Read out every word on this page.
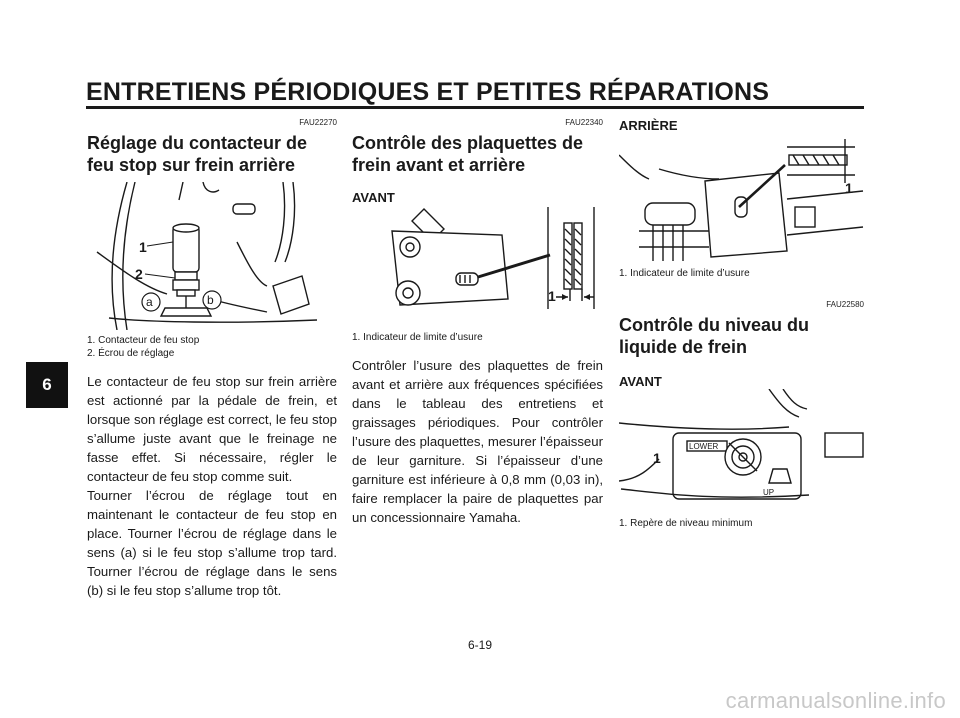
ENTRETIENS PÉRIODIQUES ET PETITES RÉPARATIONS
6
FAU22270
Réglage du contacteur de
feu stop sur frein arrière
1
2
a	b

1. Contacteur de feu stop

2. Écrou de réglage

Le contacteur de feu stop sur frein arrière est actionné par la pédale de frein, et lorsque son réglage est correct, le feu stop s’allume juste avant que le freinage ne fasse effet. Si nécessaire, régler le contacteur de feu stop comme suit.

Tourner l’écrou de réglage tout en maintenant le contacteur de feu stop en place. Tourner l’écrou de réglage dans le sens (a) si le feu stop s’allume trop tard. Tourner l’écrou de réglage dans le sens (b) si le feu stop s’allume trop tôt.

FAU22340
Contrôle des plaquettes de
frein avant et arrière

AVANT

1

1. Indicateur de limite d’usure

Contrôler l’usure des plaquettes de frein avant et arrière aux fréquences spécifiées dans le tableau des entretiens et graissages périodiques. Pour contrôler l’usure des plaquettes, mesurer l’épaisseur de leur garniture. Si l’épaisseur d’une garniture est inférieure à 0,8 mm (0,03 in), faire remplacer la paire de plaquettes par un concessionnaire Yamaha.

ARRIÈRE

1

1. Indicateur de limite d’usure

FAU22580
Contrôle du niveau du
liquide de frein

AVANT

LOWER
UP
1

1. Repère de niveau minimum

6-19
carmanualsonline.info
